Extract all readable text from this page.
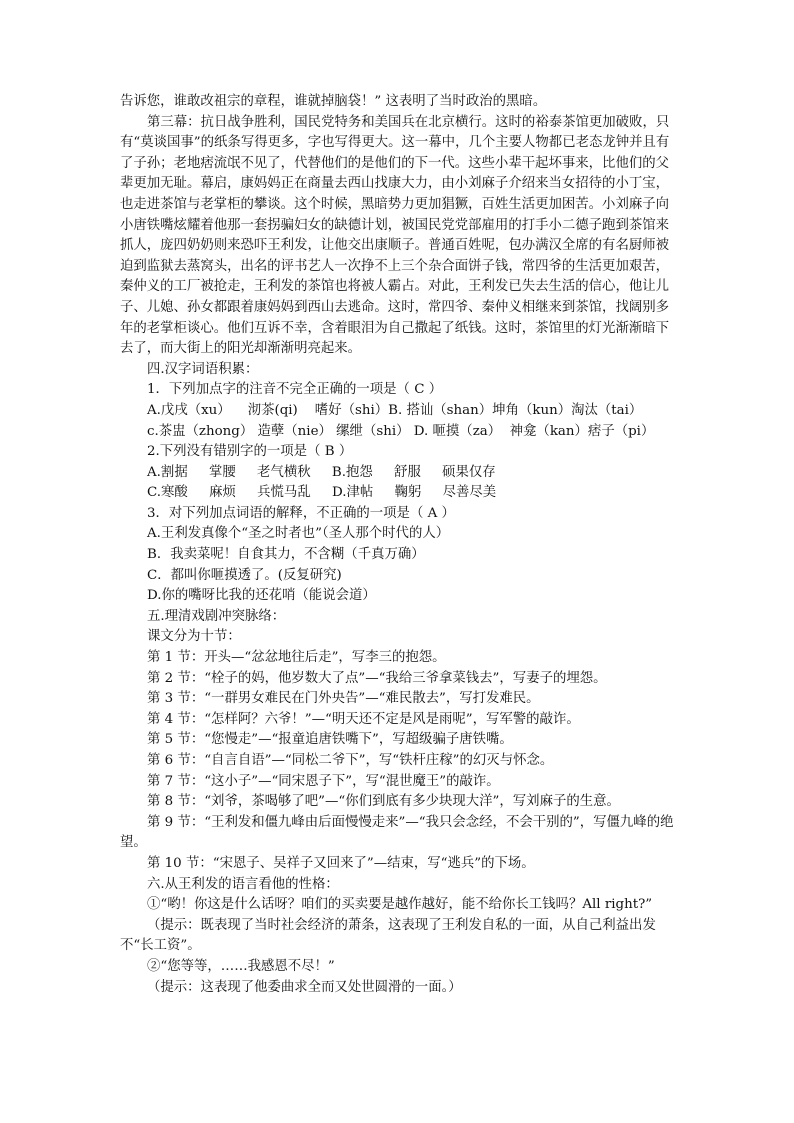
告诉您，谁敢改祖宗的章程，谁就掉脑袋！” 这表明了当时政治的黑暗。

第三幕：抗日战争胜利，国民党特务和美国兵在北京横行。这时的裕泰茶馆更加破败，只有“莫谈国事”的纸条写得更多，字也写得更大。这一幕中，几个主要人物都已老态龙钟并且有了子孙；老地痞流氓不见了，代替他们的是他们的下一代。这些小辈干起坏事来，比他们的父辈更加无耻。幕启，康妈妈正在商量去西山找康大力，由小刘麻子介绍来当女招待的小丁宝，也走进茶馆与老掌柜的攀谈。这个时候，黑暗势力更加猖獗，百姓生活更加困苦。小刘麻子向小唐铁嘴炫耀着他那一套拐骗妇女的缺德计划，被国民党党部雇用的打手小二德子跑到茶馆来抓人，庞四奶奶则来恐吓王利发，让他交出康顺子。普通百姓呢，包办满汉全席的有名厨师被迫到监狱去蒸窝头，出名的评书艺人一次挣不上三个杂合面饼子钱，常四爷的生活更加艰苦，秦仲义的工厂被抢走，王利发的茶馆也将被人霸占。对此，王利发已失去生活的信心，他让儿子、儿媳、孙女都跟着康妈妈到西山去逃命。这时，常四爷、秦仲义相继来到茶馆，找阔别多年的老掌柜谈心。他们互诉不幸，含着眼泪为自己撒起了纸钱。这时，茶馆里的灯光渐渐暗下去了，而大街上的阳光却渐渐明亮起来。

四.汉字词语积累：

1．下列加点字的注音不完全正确的一项是（ C ）

A.戊戌（xu）    沏茶(qi)    嗜好（shi）B. 搭讪（shan）坤角（kun）淘汰（tai）

c.茶盅（zhong） 造孽（nie） 缧绁（shi） D. 咂摸（za）  神龛（kan）痞子（pi）

2.下列没有错别字的一项是（ B ）

A.割据     掌腰     老气横秋     B.抱怨     舒服     硕果仅存

C.寒酸     麻烦     兵慌马乱     D.津帖     鞠躬     尽善尽美

3．对下列加点词语的解释，不正确的一项是（ A ）

A.王利发真像个“圣之时者也”（圣人那个时代的人）

B．我卖菜呢！自食其力，不含糊（千真万确）

C．都叫你咂摸透了。(反复研究)

D.你的嘴呀比我的还花哨（能说会道）

五.理清戏剧冲突脉络：

课文分为十节：

第 1 节：开头—“忿忿地往后走”，写李三的抱怨。

第 2 节：“栓子的妈，他岁数大了点”—“我给三爷拿菜钱去”，写妻子的埋怨。

第 3 节：“一群男女难民在门外央告”—“难民散去”，写打发难民。

第 4 节：“怎样阿？六爷！”—“明天还不定是风是雨呢”，写军警的敲诈。

第 5 节：“您慢走”—“报童追唐铁嘴下”，写超级骗子唐铁嘴。

第 6 节：“自言自语”—“同松二爷下”，写“铁杆庄稼”的幻灭与怀念。

第 7 节：“这小子”—“同宋恩子下”，写“混世魔王”的敲诈。

第 8 节：“刘爷，茶喝够了吧”—“你们到底有多少块现大洋”，写刘麻子的生意。

第 9 节：“王利发和僵九峰由后面慢慢走来”—“我只会念经，不会干别的”，写僵九峰的绝望。

第 10 节：“宋恩子、吴祥子又回来了”—结束，写“逃兵”的下场。

六.从王利发的语言看他的性格：

①“哟！你这是什么话呀？咱们的买卖要是越作越好，能不给你长工钱吗？All right?”

（提示：既表现了当时社会经济的萧条，这表现了王利发自私的一面，从自己利益出发不“长工资”。

②“您等等，……我感恩不尽！”

（提示：这表现了他委曲求全而又处世圆滑的一面。）
